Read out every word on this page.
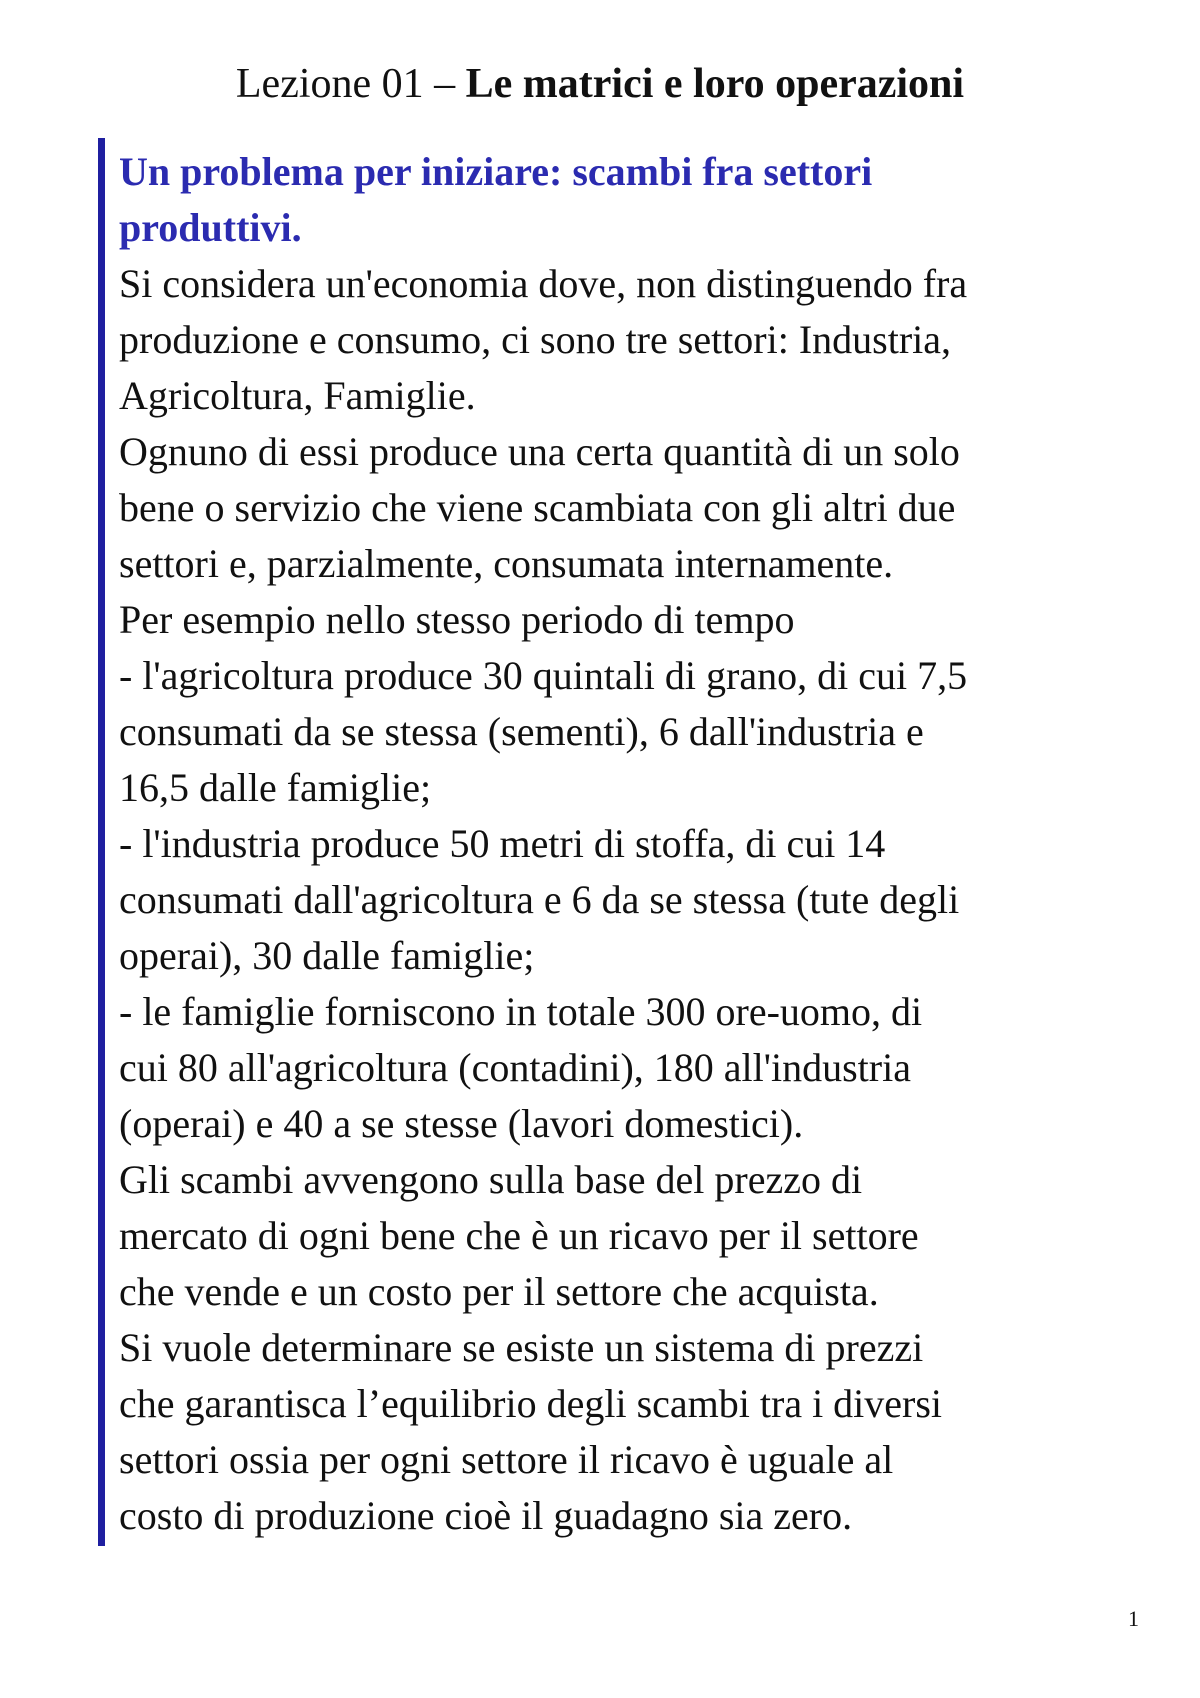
Lezione 01 – Le matrici e loro operazioni
Un problema per iniziare: scambi fra settori
produttivi.

Si considera un'economia dove, non distinguendo fra

produzione e consumo, ci sono tre settori: Industria,

Agricoltura, Famiglie.

Ognuno di essi produce una certa quantità di un solo

bene o servizio che viene scambiata con gli altri due

settori e, parzialmente, consumata internamente.

Per esempio nello stesso periodo di tempo

- l'agricoltura produce 30 quintali di grano, di cui 7,5

consumati da se stessa (sementi), 6 dall'industria e

16,5 dalle famiglie;

- l'industria produce 50 metri di stoffa, di cui 14

consumati dall'agricoltura e 6 da se stessa (tute degli

operai), 30 dalle famiglie;

- le famiglie forniscono in totale 300 ore-uomo, di

cui 80 all'agricoltura (contadini), 180 all'industria

(operai) e 40 a se stesse (lavori domestici).

Gli scambi avvengono sulla base del prezzo di

mercato di ogni bene che è un ricavo per il settore

che vende e un costo per il settore che acquista.

Si vuole determinare se esiste un sistema di prezzi

che garantisca l’equilibrio degli scambi tra i diversi

settori ossia per ogni settore il ricavo è uguale al

costo di produzione cioè il guadagno sia zero.

1
